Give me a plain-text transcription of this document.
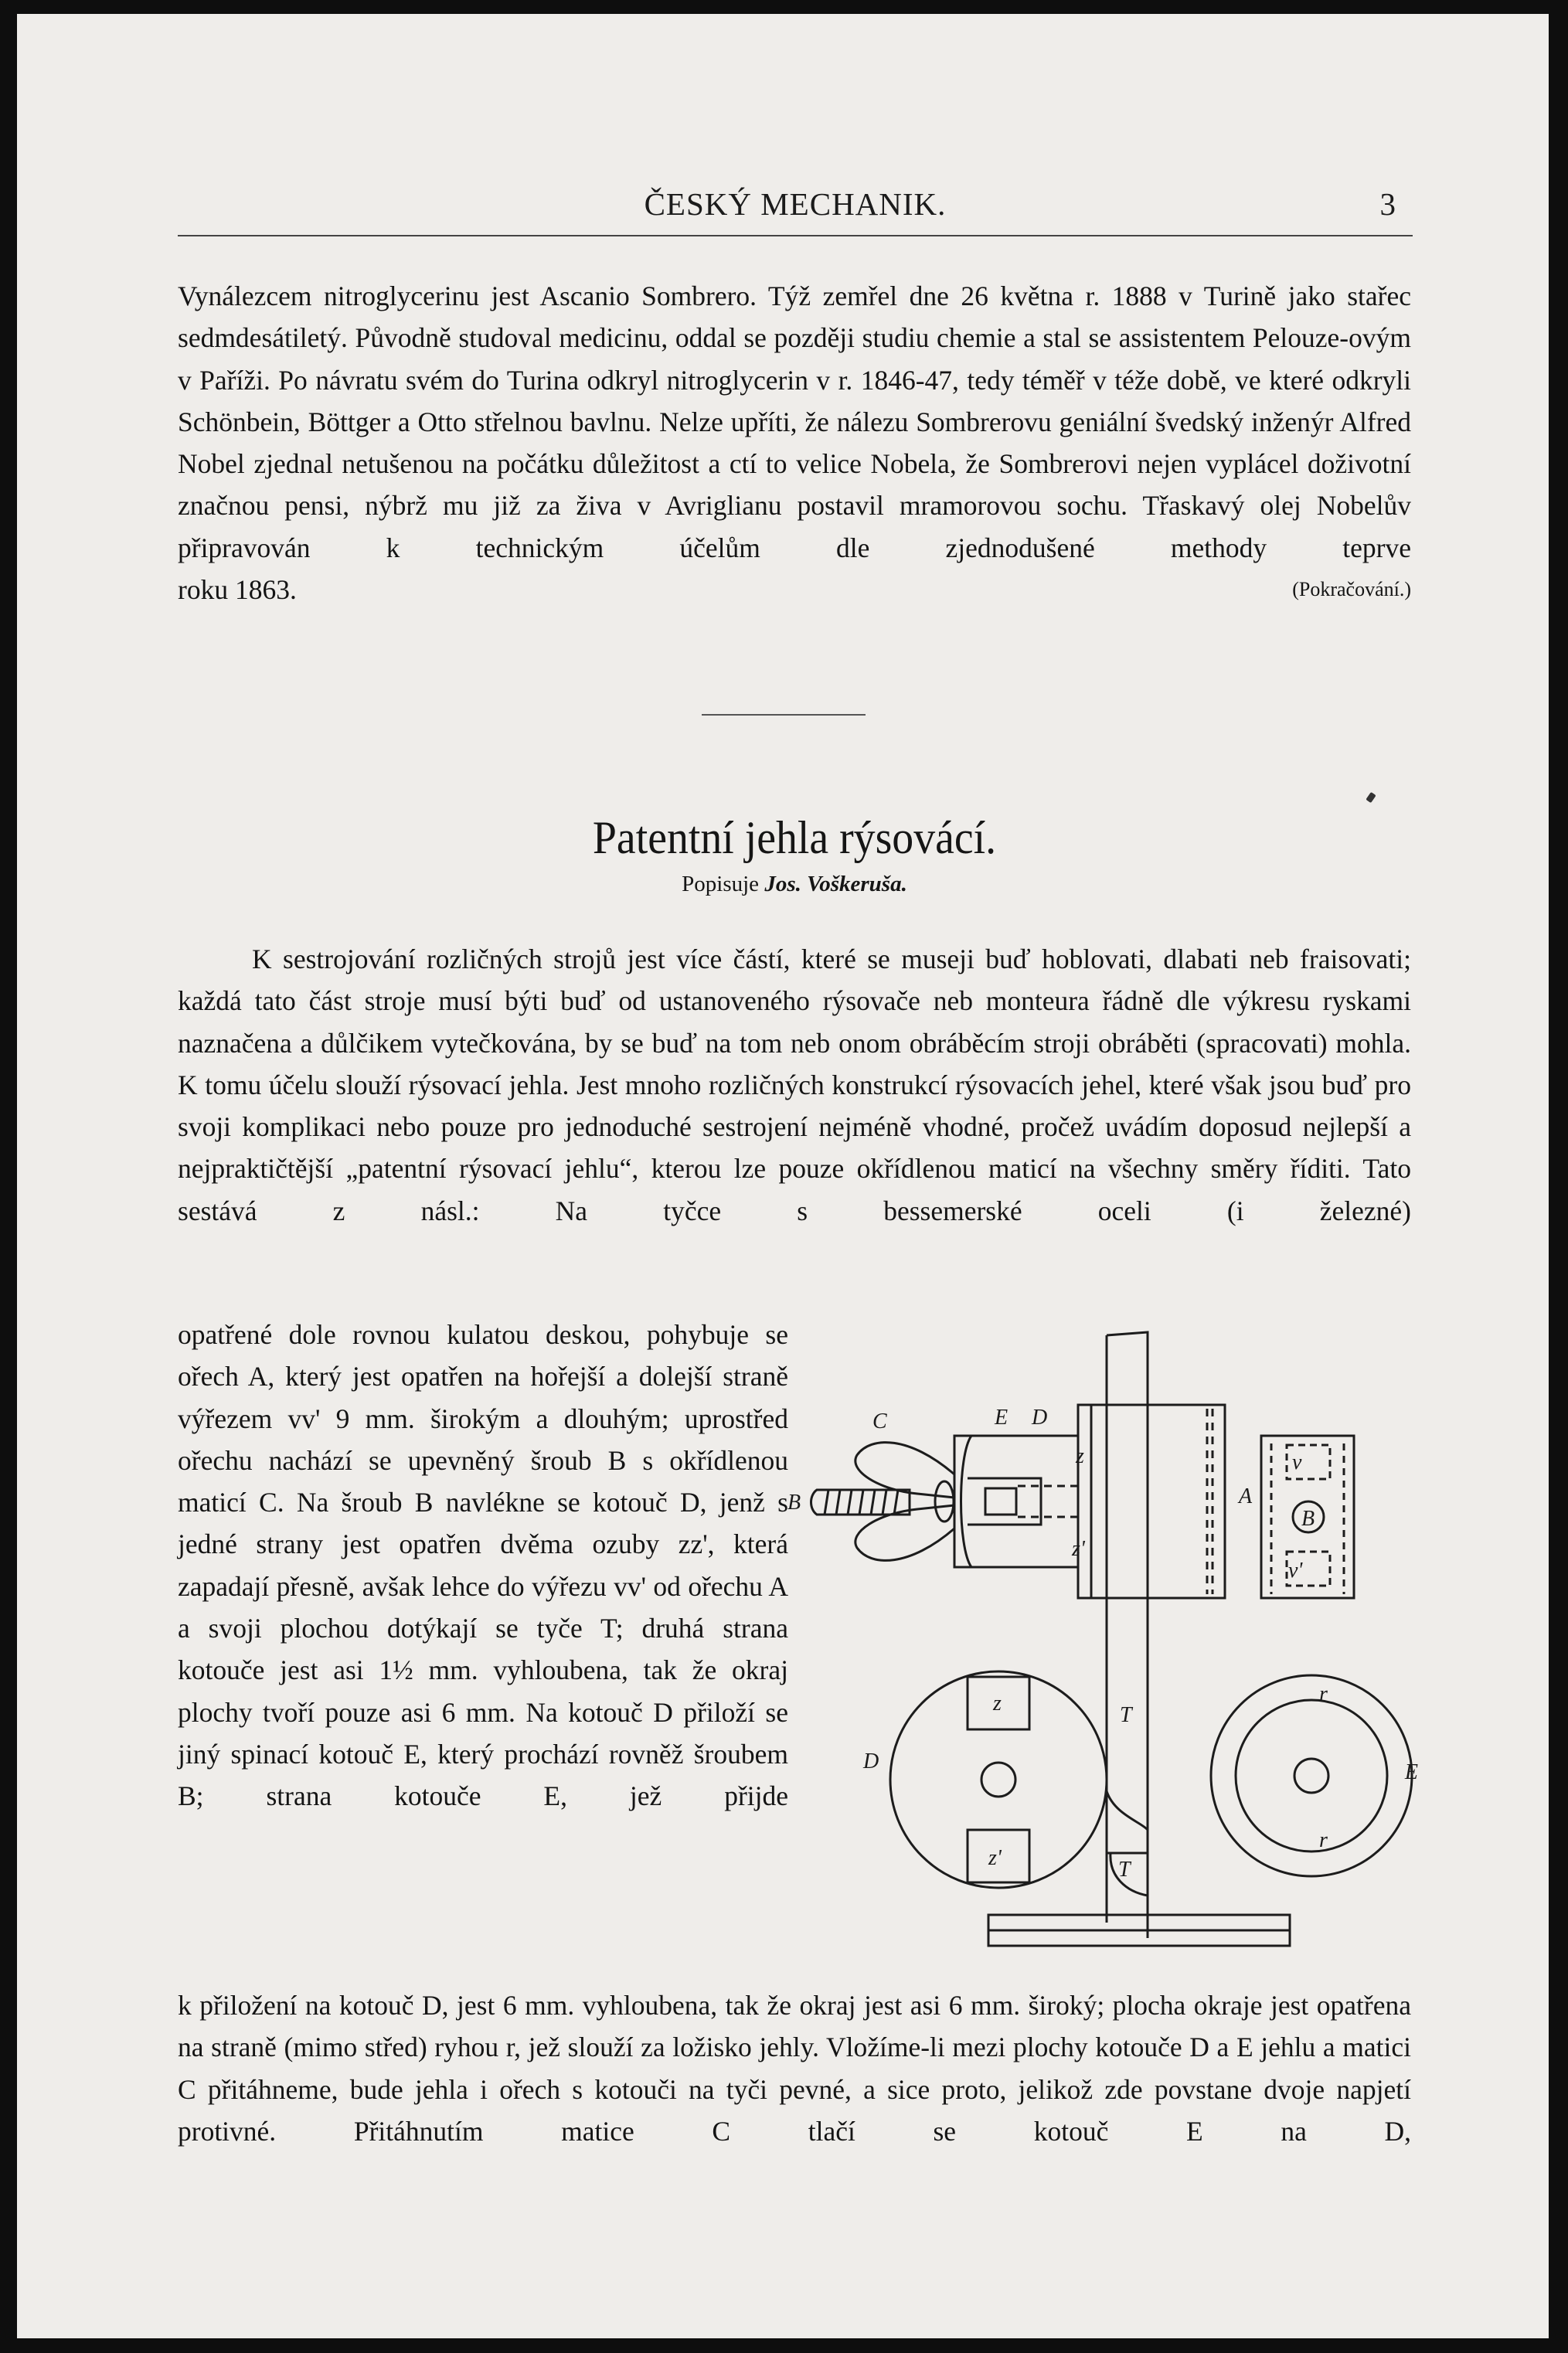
ČESKÝ MECHANIK.	3

Vynálezcem nitroglycerinu jest Ascanio Sombrero. Týž zemřel dne 26 května r. 1888 v Turině jako stařec sedmdesátiletý. Původně studoval medicinu, oddal se později studiu chemie a stal se assistentem Pelouze-ovým v Paříži. Po návratu svém do Turina odkryl nitroglycerin v r. 1846-47, tedy téměř v téže době, ve které odkryli Schönbein, Böttger a Otto střelnou bavlnu. Nelze upříti, že nálezu Sombrerovu geniální švedský inženýr Alfred Nobel zjednal netušenou na počátku důležitost a ctí to velice Nobela, že Sombrerovi nejen vyplácel doživotní značnou pensi, nýbrž mu již za živa v Avriglianu postavil mramorovou sochu. Třaskavý olej Nobelův připravován k technickým účelům dle zjednodušené methody teprve
roku 1863.	(Pokračování.)

Patentní jehla rýsovácí.
Popisuje Jos. Voškeruša.

K sestrojování rozličných strojů jest více částí, které se museji buď hoblovati, dlabati neb fraisovati; každá tato část stroje musí býti buď od ustanoveného rýsovače neb monteura řádně dle výkresu ryskami naznačena a důlčikem vytečkována, by se buď na tom neb onom obráběcím stroji obráběti (spracovati) mohla. K tomu účelu slouží rýsovací jehla. Jest mnoho rozličných konstrukcí rýsovacích jehel, které však jsou buď pro svoji komplikaci nebo pouze pro jednoduché sestrojení nejméně vhodné, pročež uvádím doposud nejlepší a nejpraktičtější „patentní rýsovací jehlu“, kterou lze pouze okřídlenou maticí na všechny směry říditi. Tato sestává z násl.: Na tyčce s bessemerské oceli (i železné)

opatřené dole rovnou kulatou deskou, pohybuje se ořech A, který jest opatřen na hořejší a dolejší straně výřezem vv' 9 mm. širokým a dlouhým; uprostřed ořechu nachází se upevněný šroub B s okřídlenou maticí C. Na šroub B navlékne se kotouč D, jenž s jedné strany jest opatřen dvěma ozuby zz', která zapadají přesně, avšak lehce do výřezu vv' od ořechu A a svoji plochou dotýkají se tyče T; druhá strana kotouče jest asi 1½ mm. vyhloubena, tak že okraj plochy tvoří pouze asi 6 mm. Na kotouč D přiloží se jiný spinací kotouč E, který prochází rovněž šroubem B; strana kotouče E, jež přijde

C	E D
B	A
z
z'
v
v'
B
T
T
D	E
z
z'
r
r

k přiložení na kotouč D, jest 6 mm. vyhloubena, tak že okraj jest asi 6 mm. široký; plocha okraje jest opatřena na straně (mimo střed) ryhou r, jež slouží za ložisko jehly. Vložíme-li mezi plochy kotouče D a E jehlu a matici C přitáhneme, bude jehla i ořech s kotouči na tyči pevné, a sice proto, jelikož zde povstane dvoje napjetí protivné. Přitáhnutím matice C tlačí se kotouč E na D,
